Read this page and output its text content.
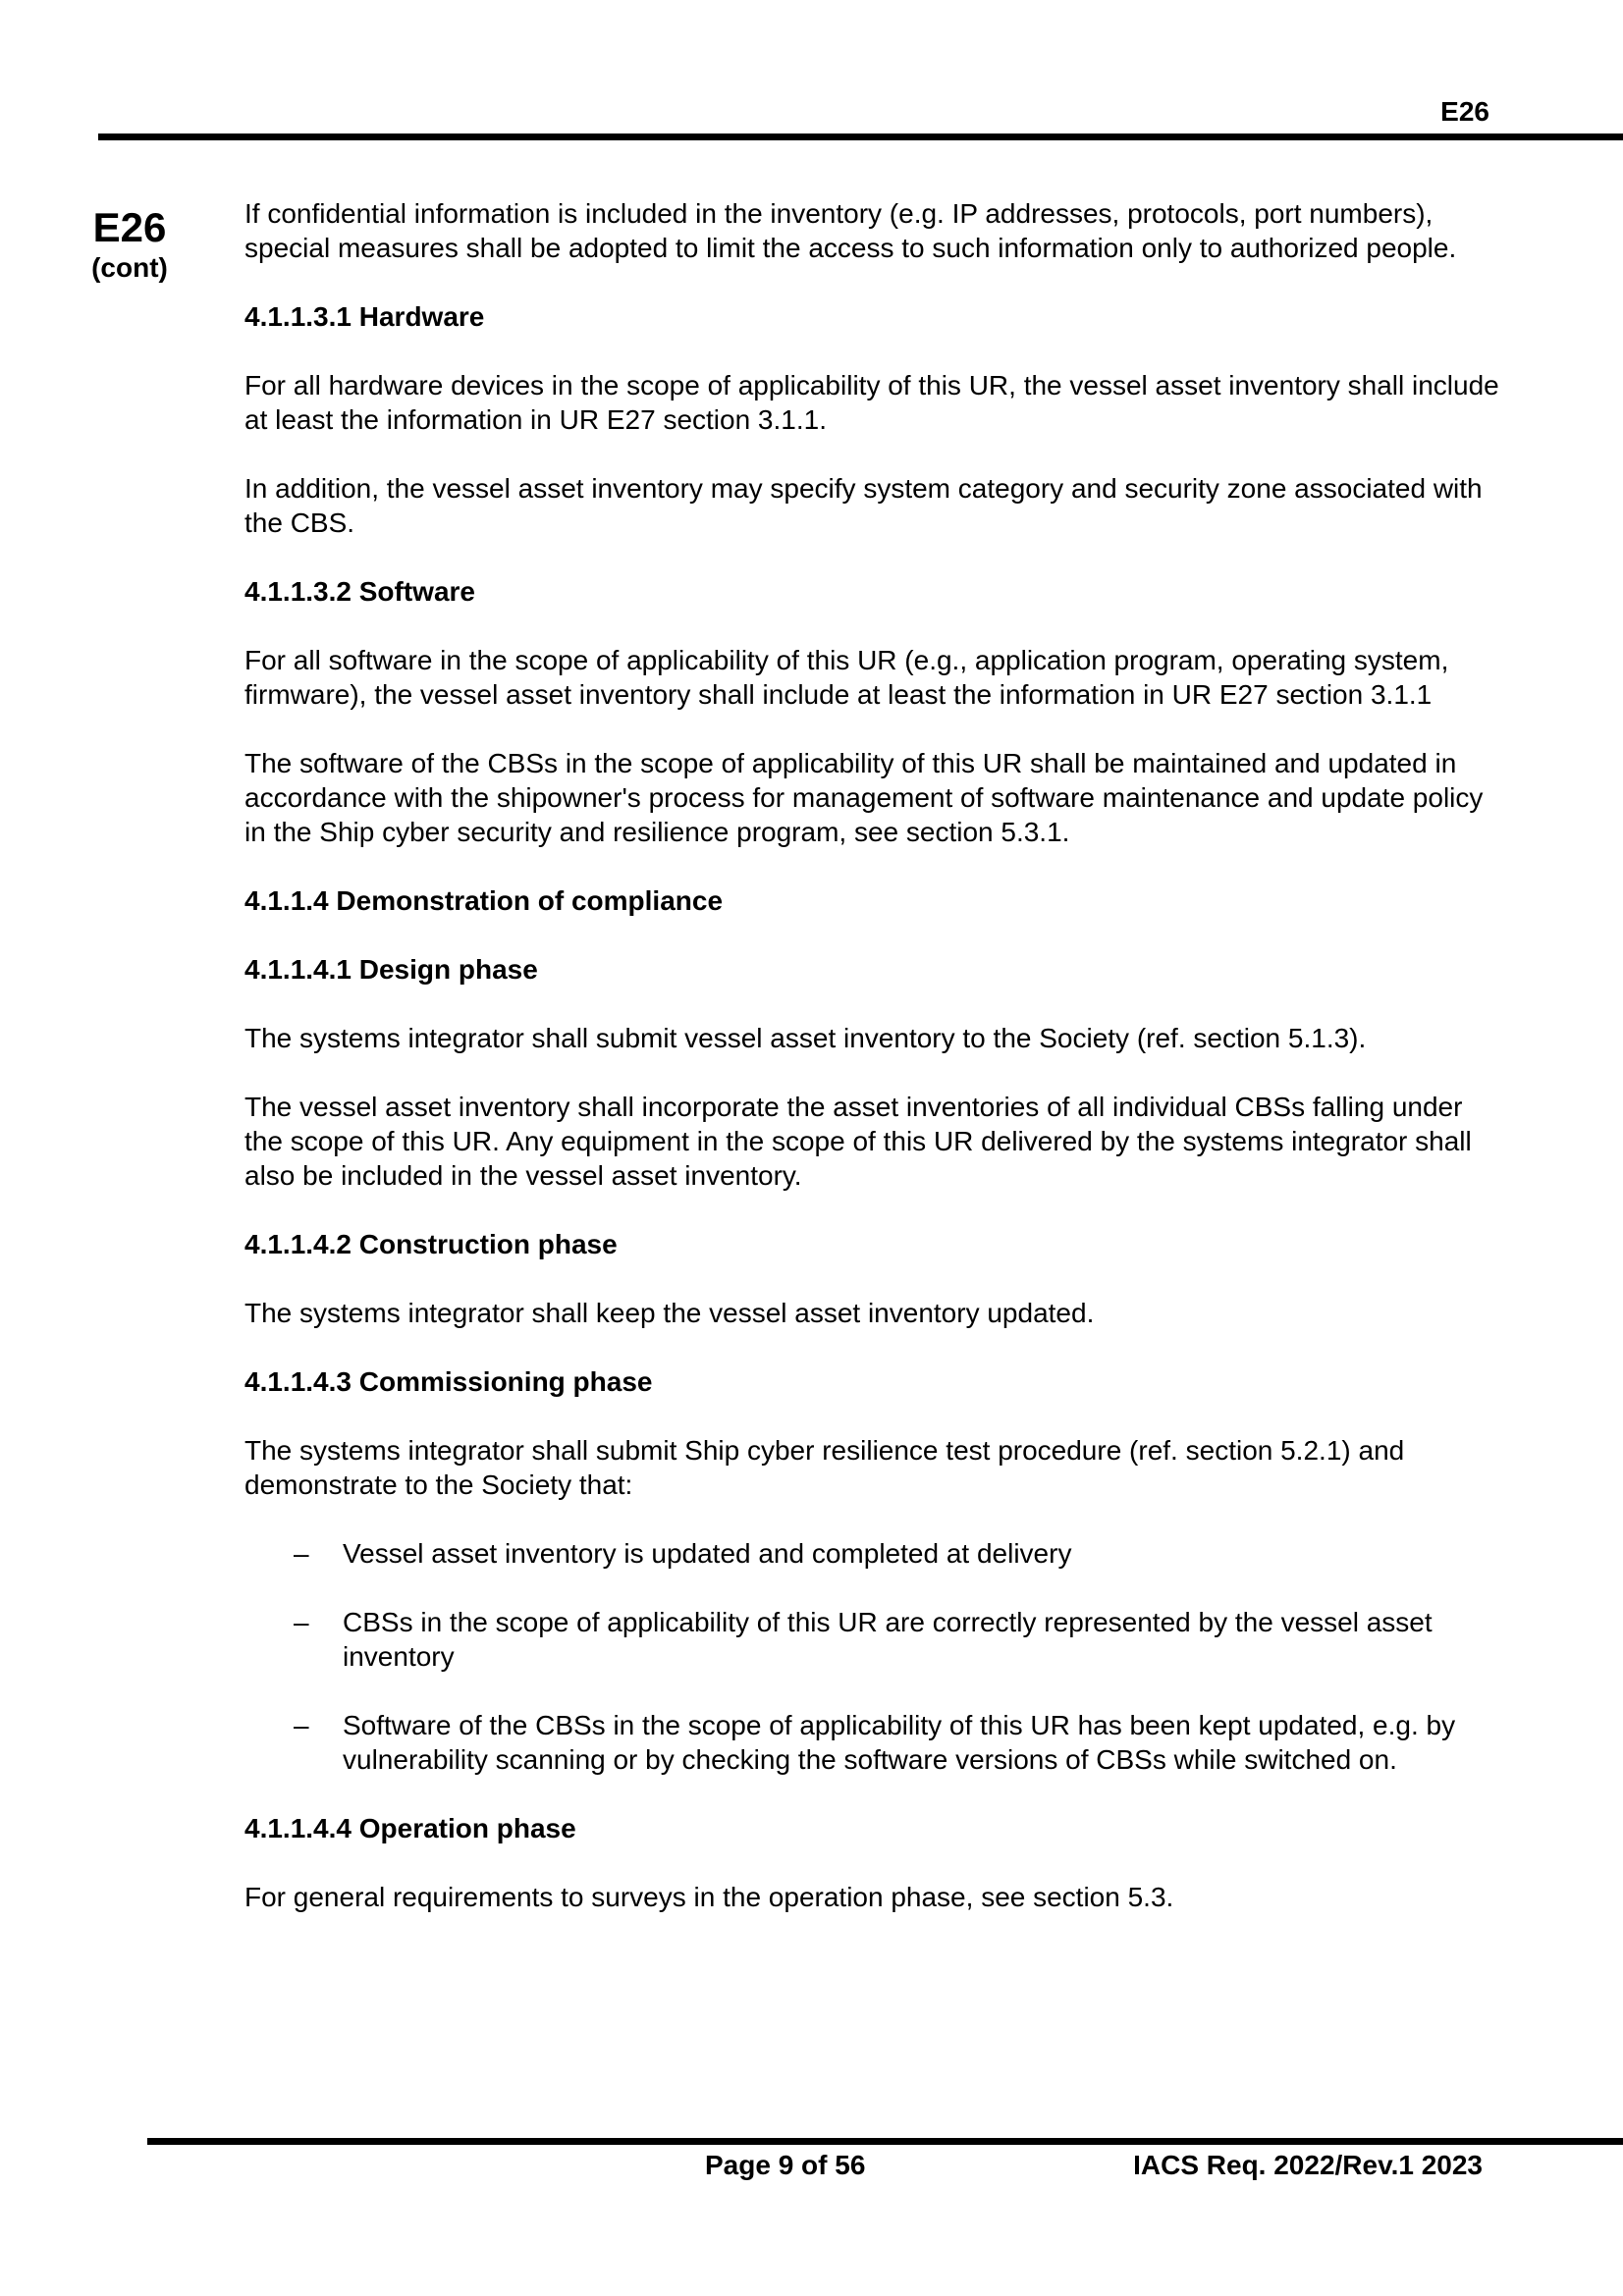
E26
E26
(cont)

If confidential information is included in the inventory (e.g. IP addresses, protocols, port numbers), special measures shall be adopted to limit the access to such information only to authorized people.

4.1.1.3.1 Hardware

For all hardware devices in the scope of applicability of this UR, the vessel asset inventory shall include at least the information in UR E27 section 3.1.1.

In addition, the vessel asset inventory may specify system category and security zone associated with the CBS.

4.1.1.3.2 Software

For all software in the scope of applicability of this UR (e.g., application program, operating system, firmware), the vessel asset inventory shall include at least the information in UR E27 section 3.1.1

The software of the CBSs in the scope of applicability of this UR shall be maintained and updated in accordance with the shipowner's process for management of software maintenance and update policy in the Ship cyber security and resilience program, see section 5.3.1.

4.1.1.4 Demonstration of compliance

4.1.1.4.1 Design phase

The systems integrator shall submit vessel asset inventory to the Society (ref. section 5.1.3).

The vessel asset inventory shall incorporate the asset inventories of all individual CBSs falling under the scope of this UR. Any equipment in the scope of this UR delivered by the systems integrator shall also be included in the vessel asset inventory.

4.1.1.4.2 Construction phase

The systems integrator shall keep the vessel asset inventory updated.

4.1.1.4.3 Commissioning phase

The systems integrator shall submit Ship cyber resilience test procedure (ref. section 5.2.1) and demonstrate to the Society that:

– Vessel asset inventory is updated and completed at delivery
– CBSs in the scope of applicability of this UR are correctly represented by the vessel asset inventory
– Software of the CBSs in the scope of applicability of this UR has been kept updated, e.g. by vulnerability scanning or by checking the software versions of CBSs while switched on.

4.1.1.4.4 Operation phase

For general requirements to surveys in the operation phase, see section 5.3.

Page 9 of 56	IACS Req. 2022/Rev.1 2023
